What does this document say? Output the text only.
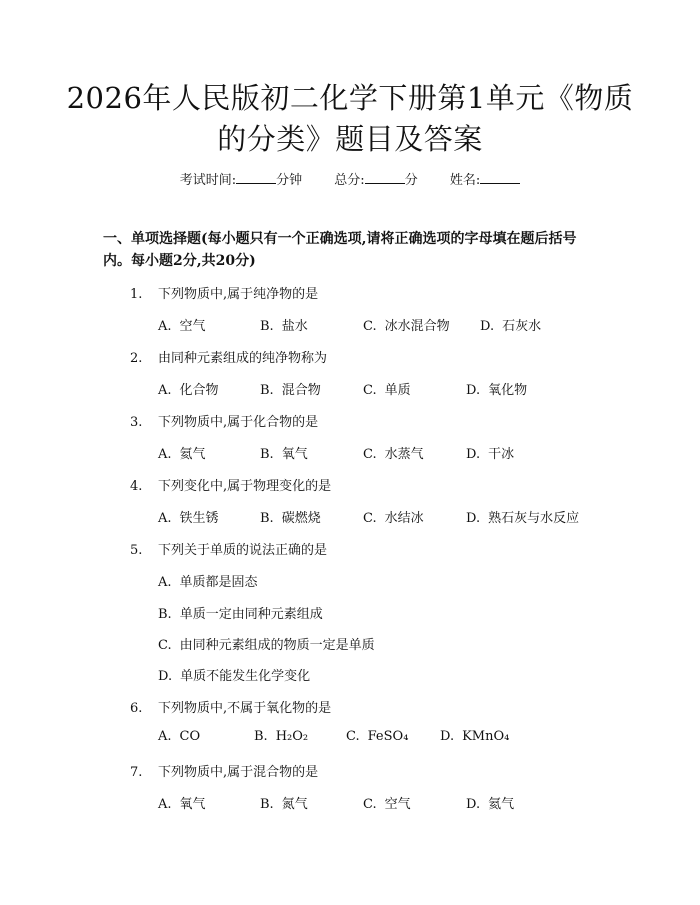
2026年人民版初二化学下册第1单元《物质的分类》题目及答案
考试时间:	分钟 总分:	分 姓名:
一、单项选择题(每小题只有一个正确选项,请将正确选项的字母填在题后括号内。每小题2分,共20分)
1. 下列物质中,属于纯净物的是
A. 空气	B. 盐水	C. 冰水混合物 D. 石灰水
2. 由同种元素组成的纯净物称为
A. 化合物	B. 混合物	C. 单质	D. 氧化物
3. 下列物质中,属于化合物的是
A. 氦气	B. 氧气	C. 水蒸气	D. 干冰
4. 下列变化中,属于物理变化的是
A. 铁生锈	B. 碳燃烧	C. 水结冰	D. 熟石灰与水反应
5. 下列关于单质的说法正确的是
A. 单质都是固态
B. 单质一定由同种元素组成
C. 由同种元素组成的物质一定是单质
D. 单质不能发生化学变化
6. 下列物质中,不属于氧化物的是
A. CO	B. H₂O₂	C. FeSO₄ D. KMnO₄
7. 下列物质中,属于混合物的是
A. 氧气	B. 氮气	C. 空气	D. 氦气
